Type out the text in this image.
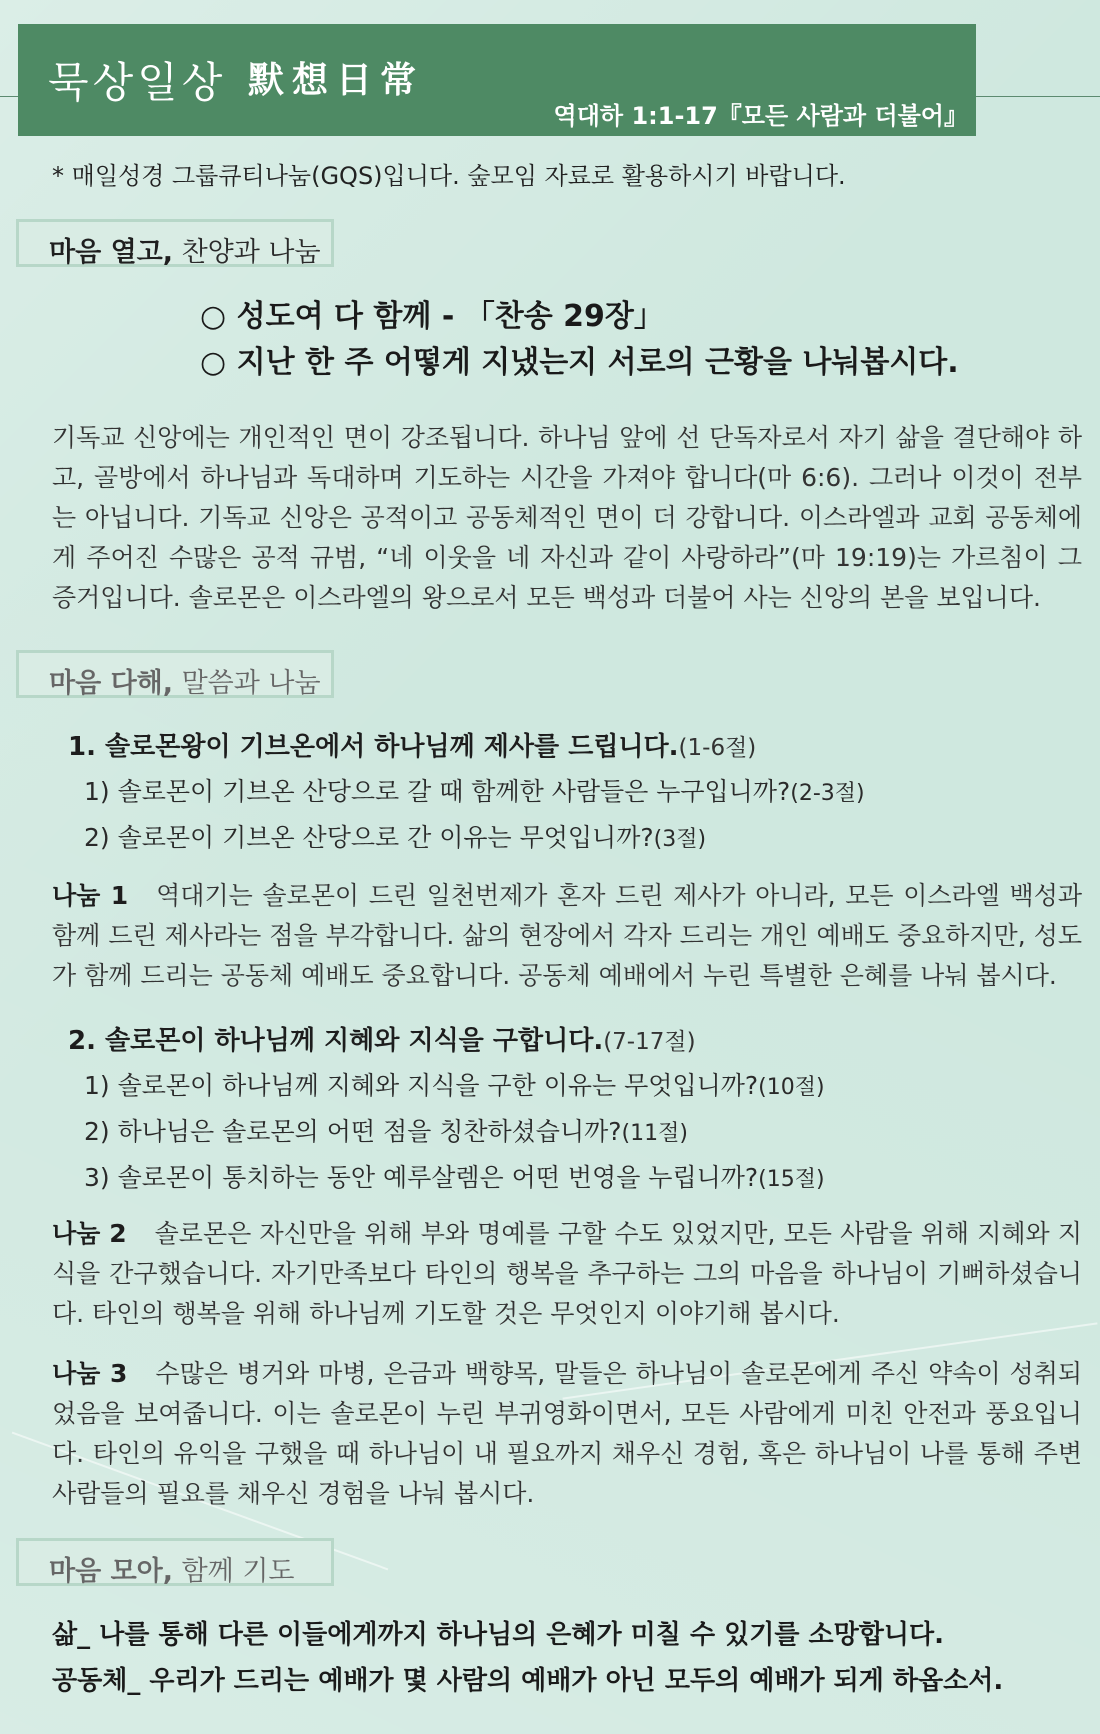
묵상일상 默想日常
역대하 1:1-17『모든 사람과 더불어』
* 매일성경 그룹큐티나눔(GQS)입니다. 숲모임 자료로 활용하시기 바랍니다.
마음 열고, 찬양과 나눔
○ 성도여 다 함께 - 「찬송 29장」
○ 지난 한 주 어떻게 지냈는지 서로의 근황을 나눠봅시다.
기독교 신앙에는 개인적인 면이 강조됩니다. 하나님 앞에 선 단독자로서 자기 삶을 결단해야 하고, 골방에서 하나님과 독대하며 기도하는 시간을 가져야 합니다(마 6:6). 그러나 이것이 전부는 아닙니다. 기독교 신앙은 공적이고 공동체적인 면이 더 강합니다. 이스라엘과 교회 공동체에게 주어진 수많은 공적 규범, “네 이웃을 네 자신과 같이 사랑하라”(마 19:19)는 가르침이 그 증거입니다. 솔로몬은 이스라엘의 왕으로서 모든 백성과 더불어 사는 신앙의 본을 보입니다.
마음 다해, 말씀과 나눔
1. 솔로몬왕이 기브온에서 하나님께 제사를 드립니다.(1-6절)
1) 솔로몬이 기브온 산당으로 갈 때 함께한 사람들은 누구입니까?(2-3절)
2) 솔로몬이 기브온 산당으로 간 이유는 무엇입니까?(3절)
나눔 1 역대기는 솔로몬이 드린 일천번제가 혼자 드린 제사가 아니라, 모든 이스라엘 백성과 함께 드린 제사라는 점을 부각합니다. 삶의 현장에서 각자 드리는 개인 예배도 중요하지만, 성도가 함께 드리는 공동체 예배도 중요합니다. 공동체 예배에서 누린 특별한 은혜를 나눠 봅시다.
2. 솔로몬이 하나님께 지혜와 지식을 구합니다.(7-17절)
1) 솔로몬이 하나님께 지혜와 지식을 구한 이유는 무엇입니까?(10절)
2) 하나님은 솔로몬의 어떤 점을 칭찬하셨습니까?(11절)
3) 솔로몬이 통치하는 동안 예루살렘은 어떤 번영을 누립니까?(15절)
나눔 2 솔로몬은 자신만을 위해 부와 명예를 구할 수도 있었지만, 모든 사람을 위해 지혜와 지식을 간구했습니다. 자기만족보다 타인의 행복을 추구하는 그의 마음을 하나님이 기뻐하셨습니다. 타인의 행복을 위해 하나님께 기도할 것은 무엇인지 이야기해 봅시다.
나눔 3 수많은 병거와 마병, 은금과 백향목, 말들은 하나님이 솔로몬에게 주신 약속이 성취되었음을 보여줍니다. 이는 솔로몬이 누린 부귀영화이면서, 모든 사람에게 미친 안전과 풍요입니다. 타인의 유익을 구했을 때 하나님이 내 필요까지 채우신 경험, 혹은 하나님이 나를 통해 주변 사람들의 필요를 채우신 경험을 나눠 봅시다.
마음 모아, 함께 기도
삶_ 나를 통해 다른 이들에게까지 하나님의 은혜가 미칠 수 있기를 소망합니다.
공동체_ 우리가 드리는 예배가 몇 사람의 예배가 아닌 모두의 예배가 되게 하옵소서.
